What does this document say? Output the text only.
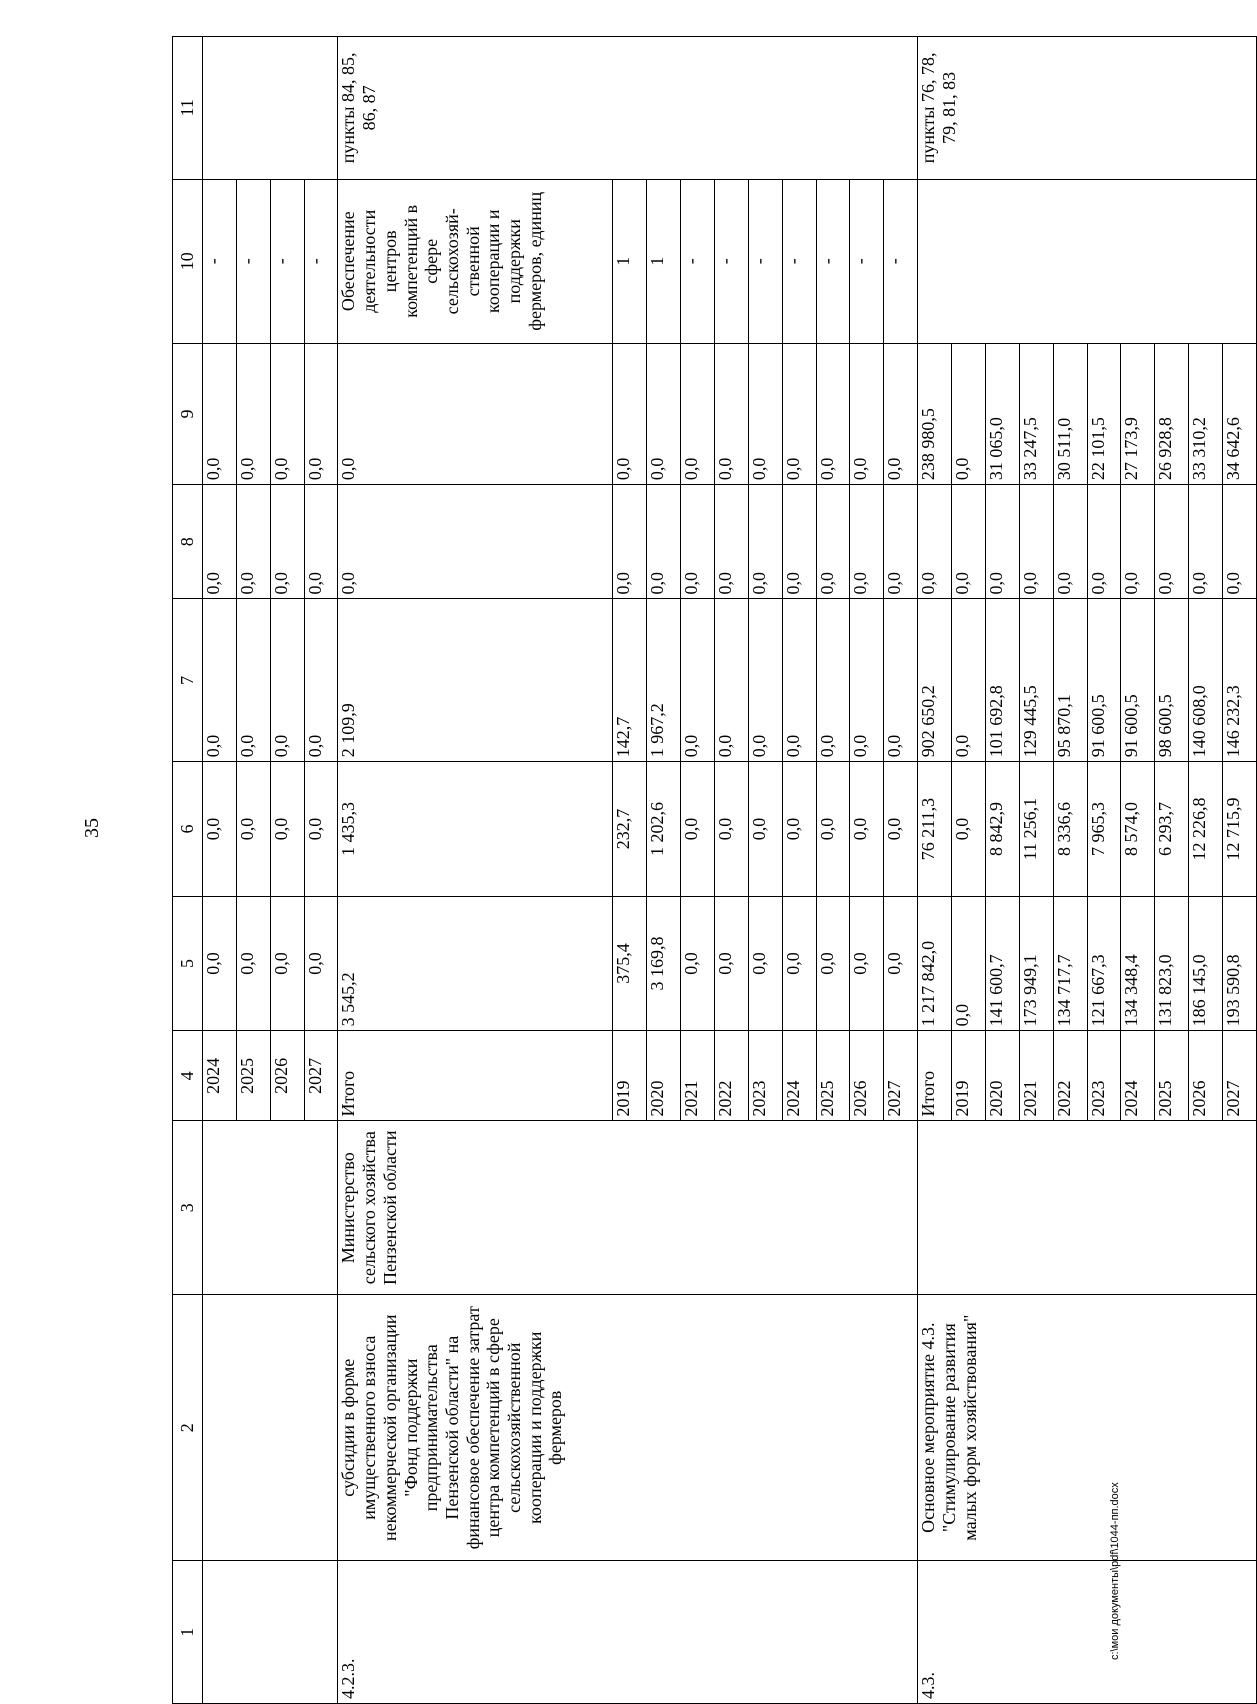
35
1	2	3	4	5	6	7	8	9	10	11
			2024	0,0	0,0	0,0	0,0	0,0	-	
			2025	0,0	0,0	0,0	0,0	0,0	-	
			2026	0,0	0,0	0,0	0,0	0,0	-	
			2027	0,0	0,0	0,0	0,0	0,0	-	
4.2.3.	субсидии в форме имущественного взноса некоммерческой организации "Фонд поддержки предпринимательства Пензенской области" на финансовое обеспечение затрат центра компетенций в сфере сельскохозяйственной кооперации и поддержки фермеров	Министерство сельского хозяйства Пензенской области	Итого	3 545,2	1 435,3	2 109,9	0,0	0,0	Обеспечение деятельности центров компетенций в сфере сельскохозяй-ственной кооперации и поддержки фермеров, единиц	пункты 84, 85, 86, 87
			2019	375,4	232,7	142,7	0,0	0,0	1	
			2020	3 169,8	1 202,6	1 967,2	0,0	0,0	1	
			2021	0,0	0,0	0,0	0,0	0,0	-	
			2022	0,0	0,0	0,0	0,0	0,0	-	
			2023	0,0	0,0	0,0	0,0	0,0	-	
			2024	0,0	0,0	0,0	0,0	0,0	-	
			2025	0,0	0,0	0,0	0,0	0,0	-	
			2026	0,0	0,0	0,0	0,0	0,0	-	
			2027	0,0	0,0	0,0	0,0	0,0	-	
4.3.	Основное мероприятие 4.3. "Стимулирование развития малых форм хозяйствования"		Итого	1 217 842,0	76 211,3	902 650,2	0,0	238 980,5		пункты 76, 78, 79, 81, 83
			2019	0,0	0,0	0,0	0,0	0,0		
			2020	141 600,7	8 842,9	101 692,8	0,0	31 065,0		
			2021	173 949,1	11 256,1	129 445,5	0,0	33 247,5		
			2022	134 717,7	8 336,6	95 870,1	0,0	30 511,0		
			2023	121 667,3	7 965,3	91 600,5	0,0	22 101,5		
			2024	134 348,4	8 574,0	91 600,5	0,0	27 173,9		
			2025	131 823,0	6 293,7	98 600,5	0,0	26 928,8		
			2026	186 145,0	12 226,8	140 608,0	0,0	33 310,2		
			2027	193 590,8	12 715,9	146 232,3	0,0	34 642,6		
c:\мои документы\pdf\1044-пп.docx
